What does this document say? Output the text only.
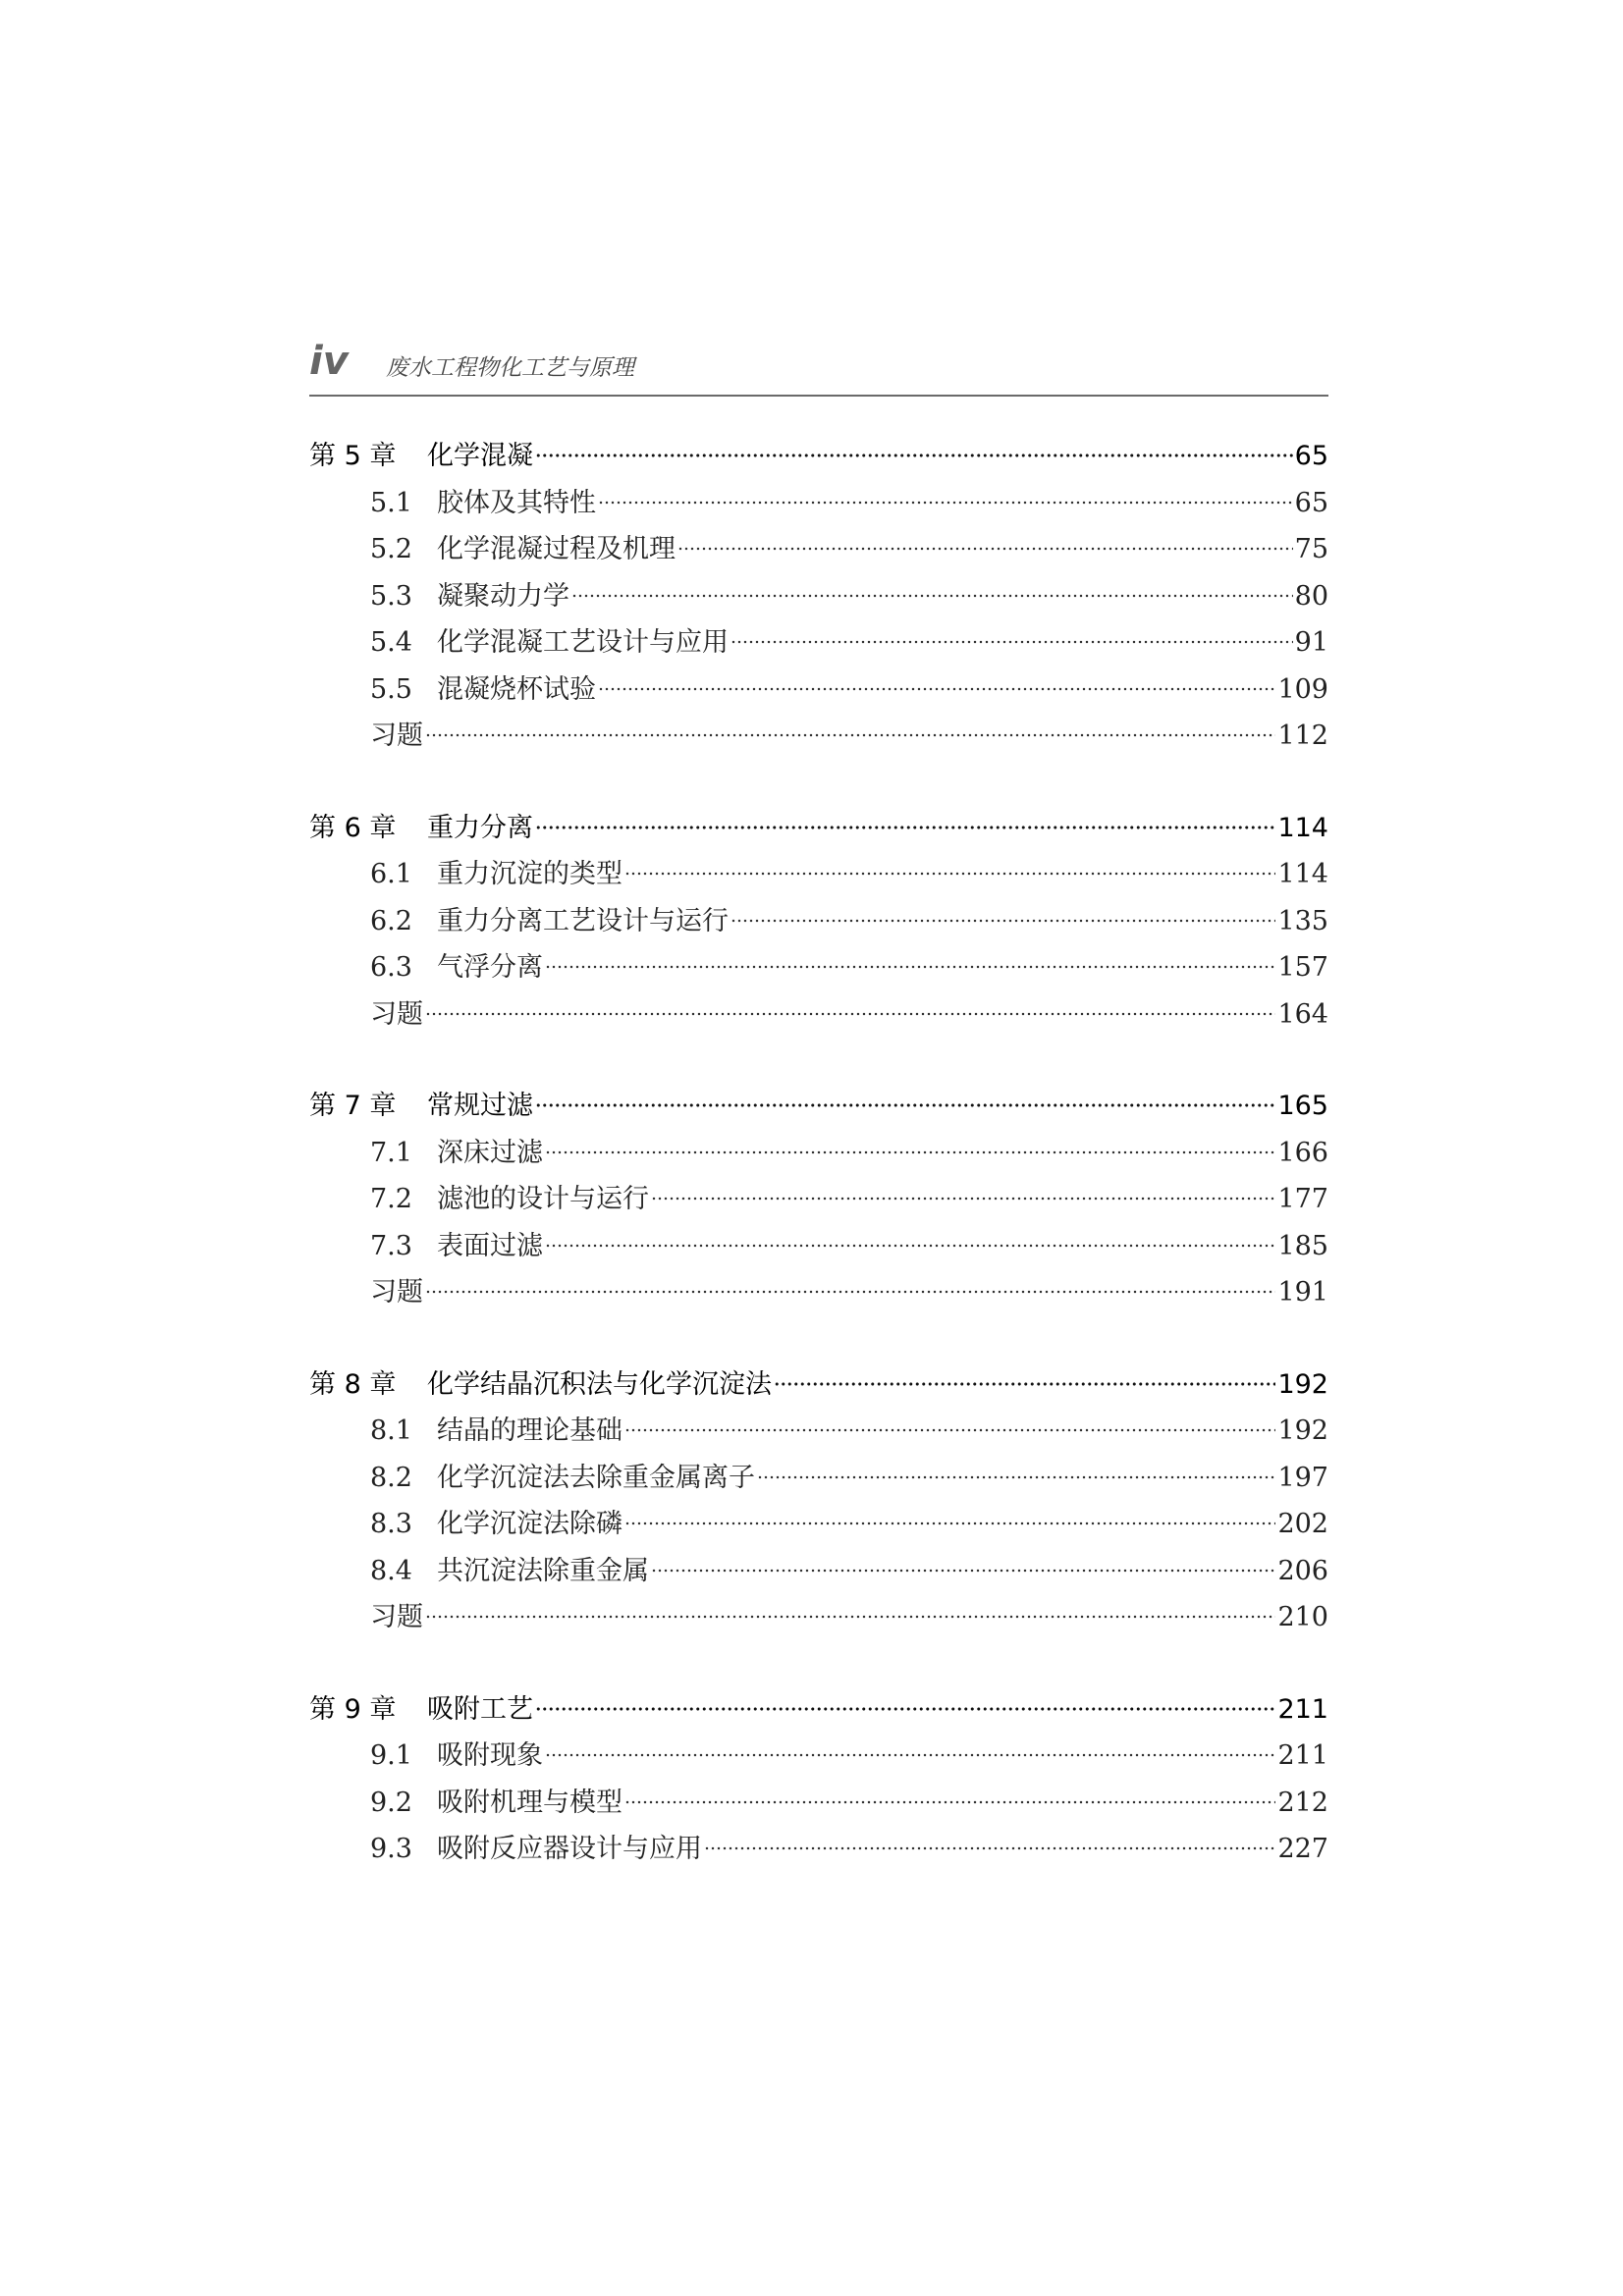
iv 废水工程物化工艺与原理
第 5 章	化学混凝	65
5.1 胶体及其特性	65
5.2 化学混凝过程及机理	75
5.3 凝聚动力学	80
5.4 化学混凝工艺设计与应用	91
5.5 混凝烧杯试验	109
习题	112
第 6 章	重力分离	114
6.1 重力沉淀的类型	114
6.2 重力分离工艺设计与运行	135
6.3 气浮分离	157
习题	164
第 7 章	常规过滤	165
7.1 深床过滤	166
7.2 滤池的设计与运行	177
7.3 表面过滤	185
习题	191
第 8 章	化学结晶沉积法与化学沉淀法	192
8.1 结晶的理论基础	192
8.2 化学沉淀法去除重金属离子	197
8.3 化学沉淀法除磷	202
8.4 共沉淀法除重金属	206
习题	210
第 9 章	吸附工艺	211
9.1 吸附现象	211
9.2 吸附机理与模型	212
9.3 吸附反应器设计与应用	227
